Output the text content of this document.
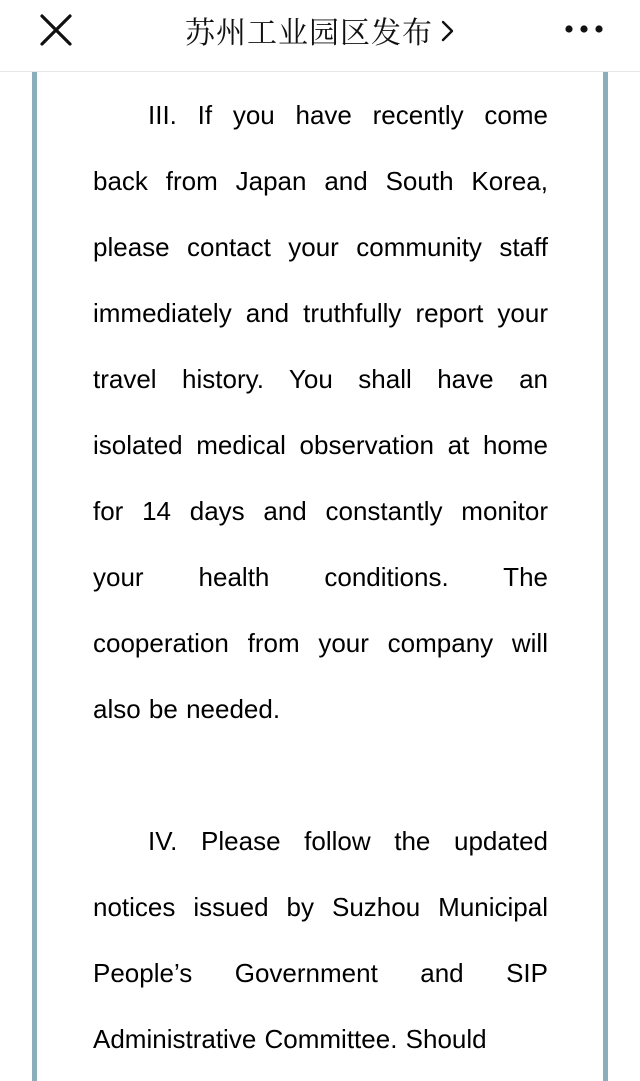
苏州工业园区发布

III. If you have recently come back from Japan and South Korea, please contact your community staff immediately and truthfully report your travel history. You shall have an isolated medical observation at home for 14 days and constantly monitor your health conditions. The cooperation from your company will also be needed.

IV. Please follow the updated notices issued by Suzhou Municipal People’s Government and SIP Administrative Committee. Should
